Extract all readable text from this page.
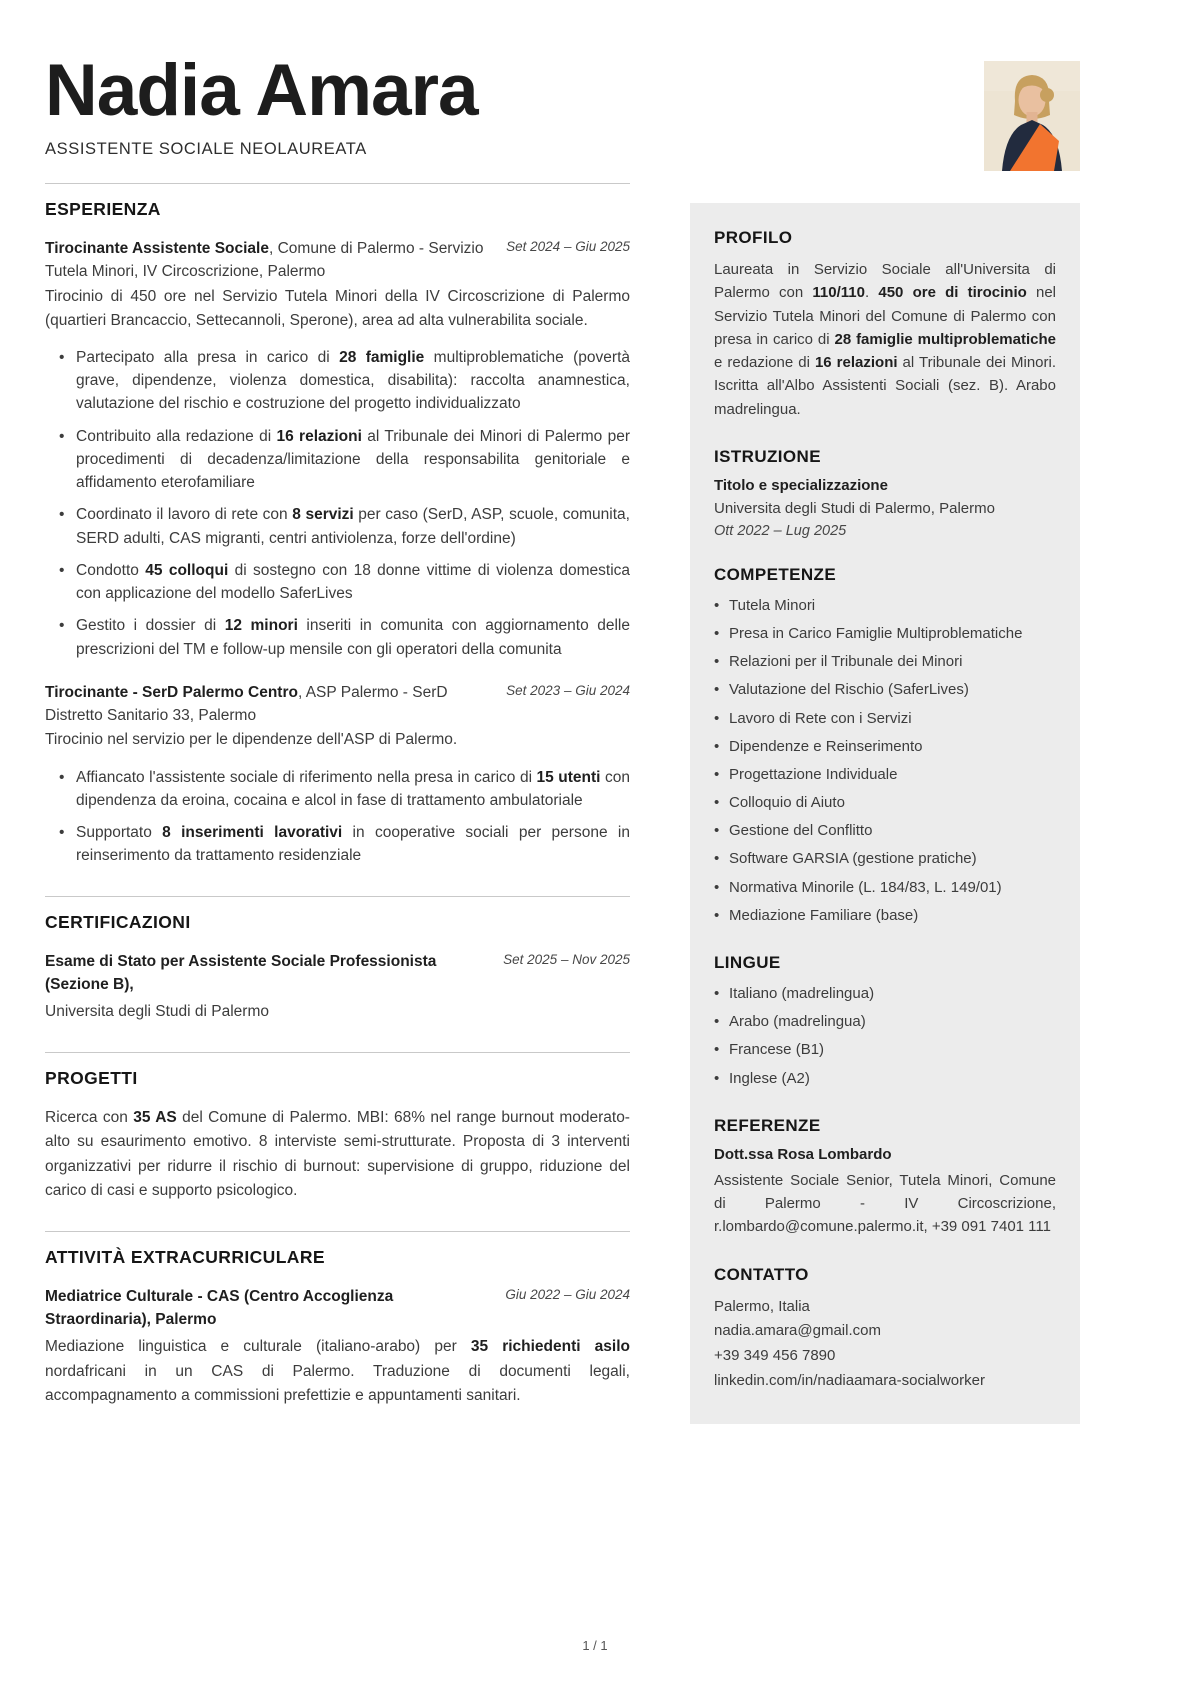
Nadia Amara
ASSISTENTE SOCIALE NEOLAUREATA
ESPERIENZA

Tirocinante Assistente Sociale, Comune di Palermo - Servizio Tutela Minori, IV Circoscrizione, Palermo

Set 2024 – Giu 2025

Tirocinio di 450 ore nel Servizio Tutela Minori della IV Circoscrizione di Palermo (quartieri Brancaccio, Settecannoli, Sperone), area ad alta vulnerabilita sociale.

• Partecipato alla presa in carico di 28 famiglie multiproblematiche (povertà grave, dipendenze, violenza domestica, disabilita): raccolta anamnestica, valutazione del rischio e costruzione del progetto individualizzato
• Contribuito alla redazione di 16 relazioni al Tribunale dei Minori di Palermo per procedimenti di decadenza/limitazione della responsabilita genitoriale e affidamento eterofamiliare
• Coordinato il lavoro di rete con 8 servizi per caso (SerD, ASP, scuole, comunita, SERD adulti, CAS migranti, centri antiviolenza, forze dell'ordine)
• Condotto 45 colloqui di sostegno con 18 donne vittime di violenza domestica con applicazione del modello SaferLives
• Gestito i dossier di 12 minori inseriti in comunita con aggiornamento delle prescrizioni del TM e follow-up mensile con gli operatori della comunita

Tirocinante - SerD Palermo Centro, ASP Palermo - SerD Distretto Sanitario 33, Palermo

Set 2023 – Giu 2024

Tirocinio nel servizio per le dipendenze dell'ASP di Palermo.

• Affiancato l'assistente sociale di riferimento nella presa in carico di 15 utenti con dipendenza da eroina, cocaina e alcol in fase di trattamento ambulatoriale
• Supportato 8 inserimenti lavorativi in cooperative sociali per persone in reinserimento da trattamento residenziale
CERTIFICAZIONI

Esame di Stato per Assistente Sociale Professionista (Sezione B),

Set 2025 – Nov 2025

Universita degli Studi di Palermo

PROGETTI

Ricerca con 35 AS del Comune di Palermo. MBI: 68% nel range burnout moderato-alto su esaurimento emotivo. 8 interviste semi-strutturate. Proposta di 3 interventi organizzativi per ridurre il rischio di burnout: supervisione di gruppo, riduzione del carico di casi e supporto psicologico.

ATTIVITÀ EXTRACURRICULARE

Mediatrice Culturale - CAS (Centro Accoglienza Straordinaria), Palermo

Giu 2022 – Giu 2024

Mediazione linguistica e culturale (italiano-arabo) per 35 richiedenti asilo nordafricani in un CAS di Palermo. Traduzione di documenti legali, accompagnamento a commissioni prefettizie e appuntamenti sanitari.

PROFILO

Laureata in Servizio Sociale all'Universita di Palermo con 110/110. 450 ore di tirocinio nel Servizio Tutela Minori del Comune di Palermo con presa in carico di 28 famiglie multiproblematiche e redazione di 16 relazioni al Tribunale dei Minori. Iscritta all'Albo Assistenti Sociali (sez. B). Arabo madrelingua.

ISTRUZIONE

Titolo e specializzazione

Universita degli Studi di Palermo, Palermo

Ott 2022 – Lug 2025

COMPETENZE
• Tutela Minori
• Presa in Carico Famiglie Multiproblematiche
• Relazioni per il Tribunale dei Minori
• Valutazione del Rischio (SaferLives)
• Lavoro di Rete con i Servizi
• Dipendenze e Reinserimento
• Progettazione Individuale
• Colloquio di Aiuto
• Gestione del Conflitto
• Software GARSIA (gestione pratiche)
• Normativa Minorile (L. 184/83, L. 149/01)
• Mediazione Familiare (base)
LINGUE
• Italiano (madrelingua)
• Arabo (madrelingua)
• Francese (B1)
• Inglese (A2)
REFERENZE

Dott.ssa Rosa Lombardo

Assistente Sociale Senior, Tutela Minori, Comune di Palermo - IV Circoscrizione, r.lombardo@comune.palermo.it, +39 091 7401 111

CONTATTO

Palermo, Italia

nadia.amara@gmail.com

+39 349 456 7890

linkedin.com/in/nadiaamara-socialworker

1 / 1
